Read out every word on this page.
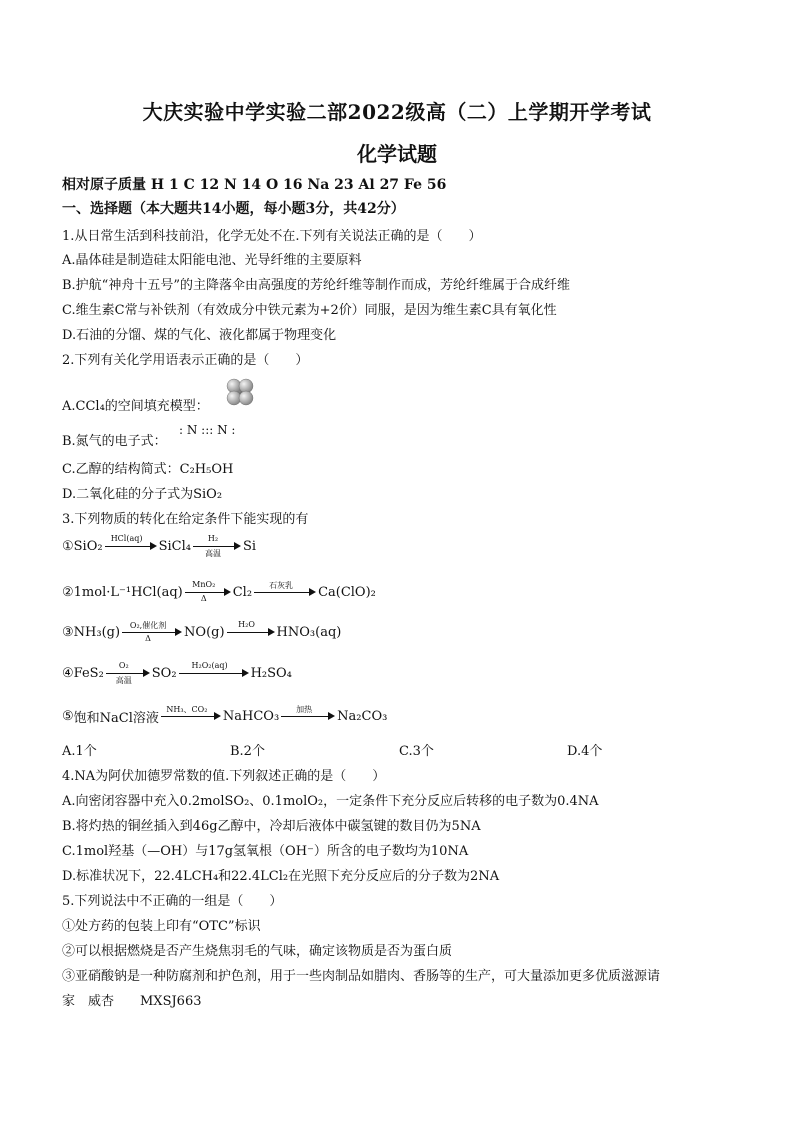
大庆实验中学实验二部2022级高（二）上学期开学考试
化学试题
相对原子质量 H 1 C 12 N 14 O 16 Na 23 Al 27 Fe 56
一、选择题（本大题共14小题，每小题3分，共42分）
1.从日常生活到科技前沿，化学无处不在.下列有关说法正确的是（　　）
A.晶体硅是制造硅太阳能电池、光导纤维的主要原料
B.护航“神舟十五号”的主降落伞由高强度的芳纶纤维等制作而成，芳纶纤维属于合成纤维
C.维生素C常与补铁剂（有效成分中铁元素为+2价）同服，是因为维生素C具有氧化性
D.石油的分馏、煤的气化、液化都属于物理变化
2.下列有关化学用语表示正确的是（　　）
A.CCl₄的空间填充模型：
B.氮气的电子式：
: N ::: N :
C.乙醇的结构简式：C₂H₅OH
D.二氧化硅的分子式为SiO₂
3.下列物质的转化在给定条件下能实现的有
① SiO₂	HCl(aq)	SiCl₄	H₂
高温	Si
② 1mol·L⁻¹HCl(aq)	MnO₂
Δ	Cl₂	石灰乳	Ca(ClO)₂
③ NH₃(g)	O₂,催化剂
Δ	NO(g)	H₂O	HNO₃(aq)
④ FeS₂	O₂
高温	SO₂	H₂O₂(aq)	H₂SO₄
⑤ 饱和NaCl溶液
NH₃、CO₂	NaHCO₃	加热	Na₂CO₃
A.1个	B.2个	C.3个	D.4个
4.NA为阿伏加德罗常数的值.下列叙述正确的是（　　）
A.向密闭容器中充入0.2molSO₂、0.1molO₂，一定条件下充分反应后转移的电子数为0.4NA
B.将灼热的铜丝插入到46g乙醇中，冷却后液体中碳氢键的数目仍为5NA
C.1mol羟基（—OH）与17g氢氧根（OH⁻）所含的电子数均为10NA
D.标准状况下，22.4LCH₄和22.4LCl₂在光照下充分反应后的分子数为2NA
5.下列说法中不正确的一组是（　　）
①处方药的包装上印有“OTC”标识
②可以根据燃烧是否产生烧焦羽毛的气味，确定该物质是否为蛋白质
③亚硝酸钠是一种防腐剂和护色剂，用于一些肉制品如腊肉、香肠等的生产，可大量添加更多优质滋源请
家　威杏　　MXSJ663
